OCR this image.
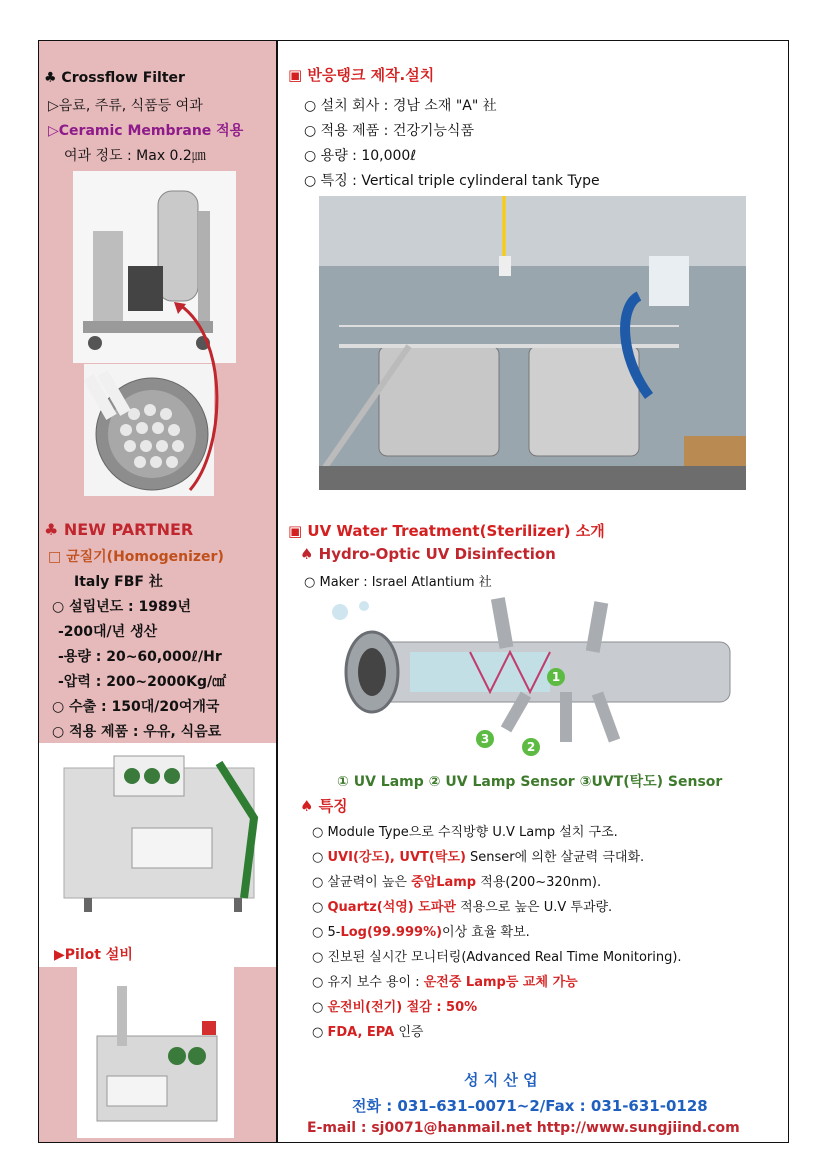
♣ Crossflow Filter
▷음료, 주류, 식품등 여과
▷Ceramic Membrane 적용
여과 정도 : Max 0.2㎛
♣ NEW PARTNER
□ 균질기(Homogenizer)
Italy FBF 社
○ 설립년도 : 1989년
-200대/년 생산
-용량 : 20~60,000ℓ/Hr
-압력 : 200~2000Kg/㎠
○ 수출 : 150대/20여개국
○ 적용 제품 : 우유, 식음료
▶Pilot 설비
▣ 반응탱크 제작.설치
○ 설치 회사 : 경남 소재 "A" 社
○ 적용 제품 : 건강기능식품
○ 용량 : 10,000ℓ
○ 특징 : Vertical triple cylinderal tank Type
▣ UV Water Treatment(Sterilizer) 소개
♠ Hydro-Optic UV Disinfection
○ Maker : Israel Atlantium 社
1
2
3
① UV Lamp ② UV Lamp Sensor ③UVT(탁도) Sensor
♠ 특징
○ Module Type으로 수직방향 U.V Lamp 설치 구조.
○ UVI(강도), UVT(탁도) Senser에 의한 살균력 극대화.
○ 살균력이 높은 중압Lamp 적용(200~320nm).
○ Quartz(석영) 도파관 적용으로 높은 U.V 투과량.
○ 5-Log(99.999%)이상 효율 확보.
○ 진보된 실시간 모니터링(Advanced Real Time Monitoring).
○ 유지 보수 용이 : 운전중 Lamp등 교체 가능
○ 운전비(전기) 절감 : 50%
○ FDA, EPA 인증
성 지 산 업
전화 : 031–631–0071~2/Fax : 031-631-0128
E-mail : sj0071@hanmail.net http://www.sungjiind.com
